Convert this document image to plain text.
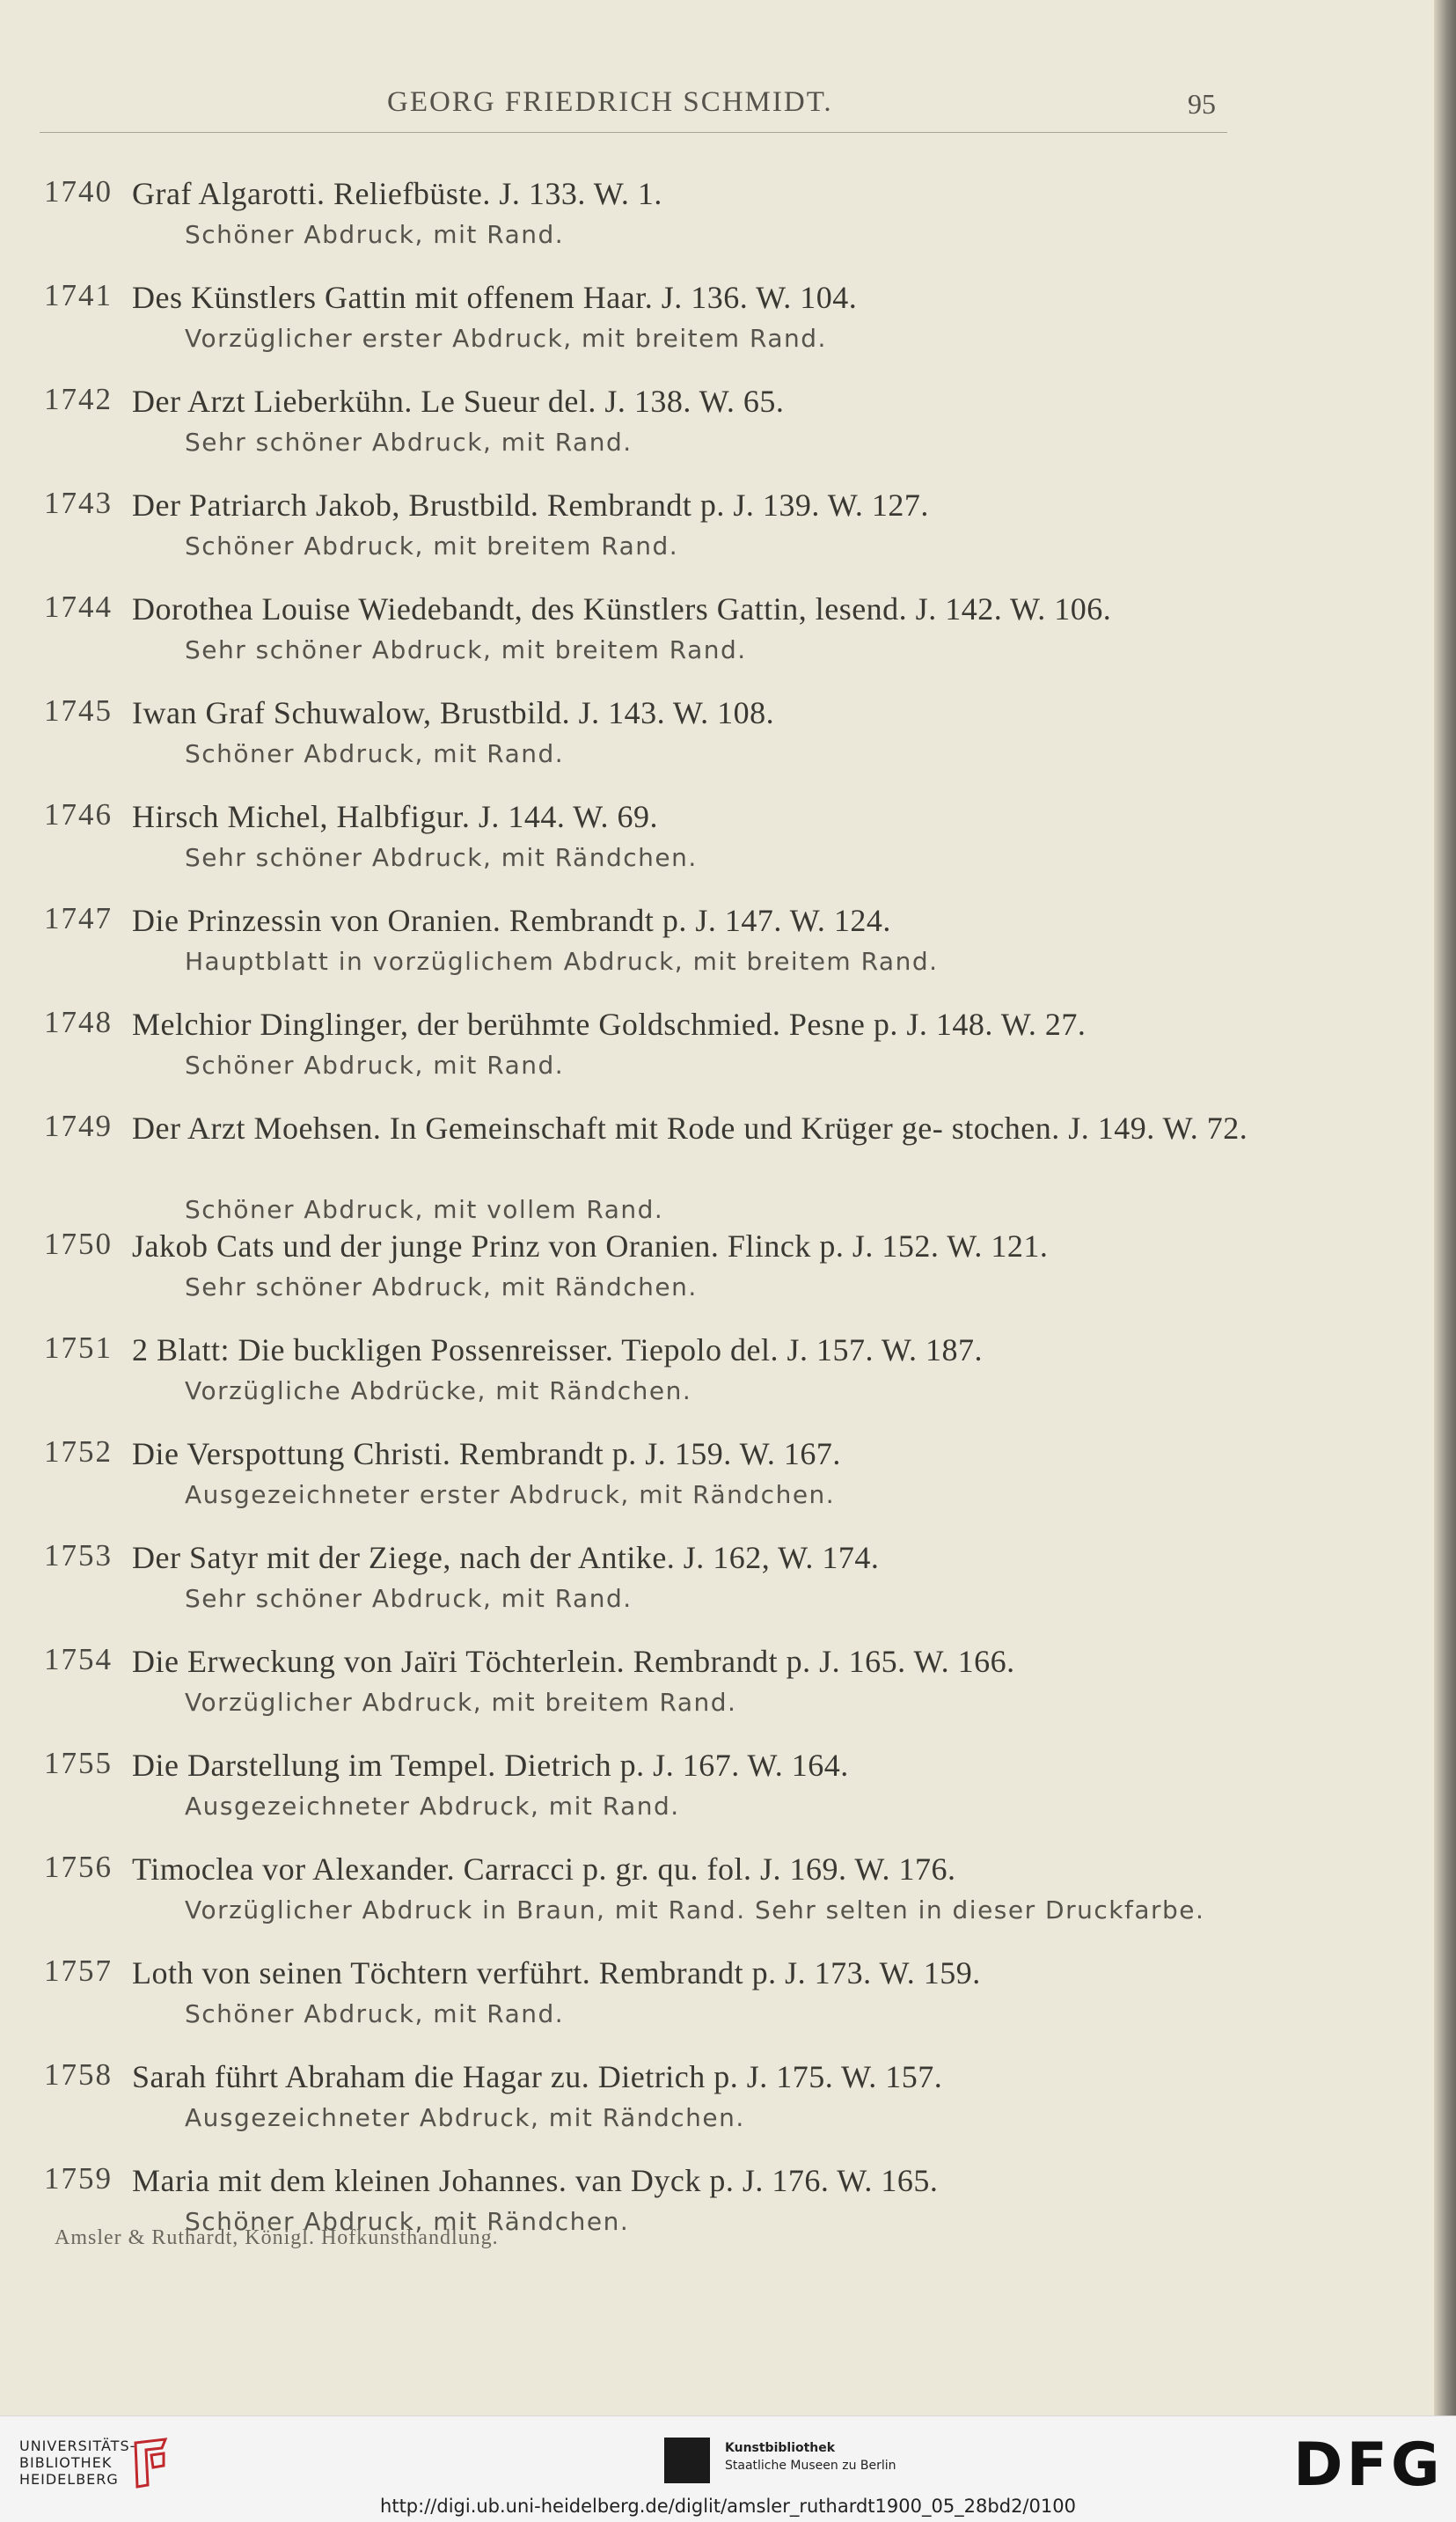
GEORG FRIEDRICH SCHMIDT.	95
1740 Graf Algarotti. Reliefbüste. J. 133. W. 1.
Schöner Abdruck, mit Rand.
1741 Des Künstlers Gattin mit offenem Haar. J. 136. W. 104.
Vorzüglicher erster Abdruck, mit breitem Rand.
1742 Der Arzt Lieberkühn. Le Sueur del. J. 138. W. 65.
Sehr schöner Abdruck, mit Rand.
1743 Der Patriarch Jakob, Brustbild. Rembrandt p. J. 139. W. 127.
Schöner Abdruck, mit breitem Rand.
1744 Dorothea Louise Wiedebandt, des Künstlers Gattin, lesend. J. 142. W. 106.
Sehr schöner Abdruck, mit breitem Rand.
1745 Iwan Graf Schuwalow, Brustbild. J. 143. W. 108.
Schöner Abdruck, mit Rand.
1746 Hirsch Michel, Halbfigur. J. 144. W. 69.
Sehr schöner Abdruck, mit Rändchen.
1747 Die Prinzessin von Oranien. Rembrandt p. J. 147. W. 124.
Hauptblatt in vorzüglichem Abdruck, mit breitem Rand.
1748 Melchior Dinglinger, der berühmte Goldschmied. Pesne p. J. 148. W. 27.
Schöner Abdruck, mit Rand.
1749 Der Arzt Moehsen. In Gemeinschaft mit Rode und Krüger ge- stochen. J. 149. W. 72.
Schöner Abdruck, mit vollem Rand.
1750 Jakob Cats und der junge Prinz von Oranien. Flinck p. J. 152. W. 121.
Sehr schöner Abdruck, mit Rändchen.
1751 2 Blatt: Die buckligen Possenreisser. Tiepolo del. J. 157. W. 187.
Vorzügliche Abdrücke, mit Rändchen.
1752 Die Verspottung Christi. Rembrandt p. J. 159. W. 167.
Ausgezeichneter erster Abdruck, mit Rändchen.
1753 Der Satyr mit der Ziege, nach der Antike. J. 162, W. 174.
Sehr schöner Abdruck, mit Rand.
1754 Die Erweckung von Jaïri Töchterlein. Rembrandt p. J. 165. W. 166.
Vorzüglicher Abdruck, mit breitem Rand.
1755 Die Darstellung im Tempel. Dietrich p. J. 167. W. 164.
Ausgezeichneter Abdruck, mit Rand.
1756 Timoclea vor Alexander. Carracci p. gr. qu. fol. J. 169. W. 176.
Vorzüglicher Abdruck in Braun, mit Rand. Sehr selten in dieser Druckfarbe.
1757 Loth von seinen Töchtern verführt. Rembrandt p. J. 173. W. 159.
Schöner Abdruck, mit Rand.
1758 Sarah führt Abraham die Hagar zu. Dietrich p. J. 175. W. 157.
Ausgezeichneter Abdruck, mit Rändchen.
1759 Maria mit dem kleinen Johannes. van Dyck p. J. 176. W. 165.
Schöner Abdruck, mit Rändchen.
Amsler & Ruthardt, Königl. Hofkunsthandlung.
UNIVERSITÄTS-
BIBLIOTHEK
HEIDELBERG
Kunstbibliothek
Staatliche Museen zu Berlin	DFG
http://digi.ub.uni-heidelberg.de/diglit/amsler_ruthardt1900_05_28bd2/0100
